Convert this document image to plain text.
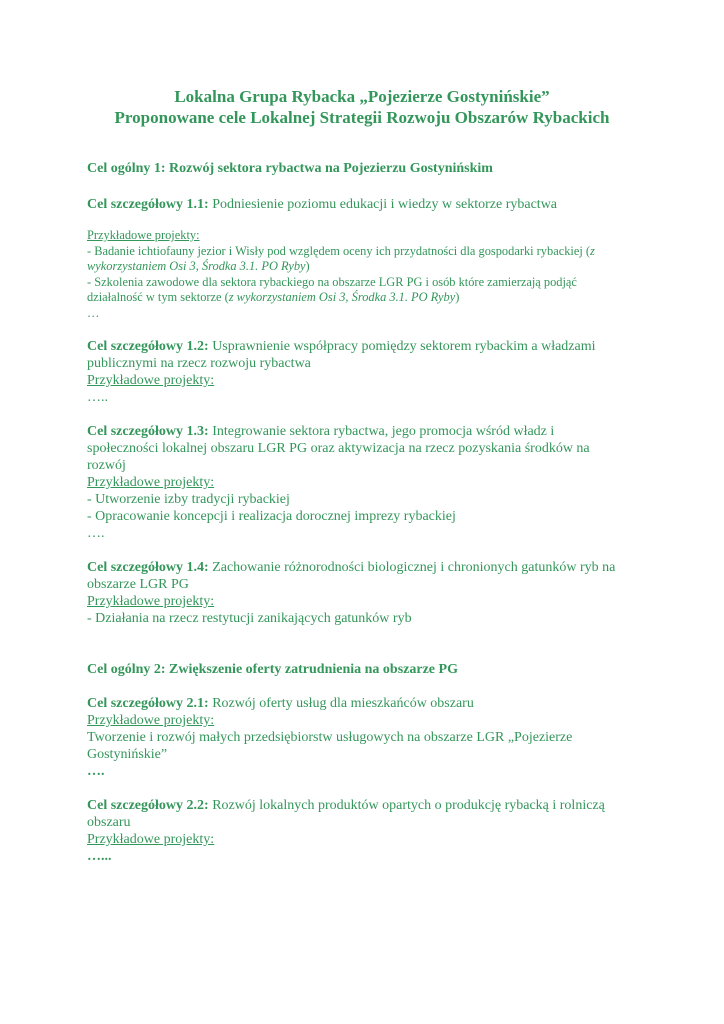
Lokalna Grupa Rybacka „Pojezierze Gostynińskie”
Proponowane cele Lokalnej Strategii Rozwoju Obszarów Rybackich
Cel ogólny 1: Rozwój sektora rybactwa na Pojezierzu Gostynińskim
Cel szczegółowy 1.1: Podniesienie poziomu edukacji i wiedzy w sektorze rybactwa
Przykładowe projekty:
- Badanie ichtiofauny jezior i Wisły pod względem oceny ich przydatności dla gospodarki rybackiej (z
wykorzystaniem Osi 3, Środka 3.1. PO Ryby)
- Szkolenia zawodowe dla sektora rybackiego na obszarze LGR PG i osób które zamierzają podjąć
działalność w tym sektorze (z wykorzystaniem Osi 3, Środka 3.1. PO Ryby)
…
Cel szczegółowy 1.2: Usprawnienie współpracy pomiędzy sektorem rybackim a władzami
publicznymi na rzecz rozwoju rybactwa
Przykładowe projekty:
…..
Cel szczegółowy 1.3: Integrowanie sektora rybactwa, jego promocja wśród władz i
społeczności lokalnej obszaru LGR PG oraz aktywizacja na rzecz pozyskania środków na
rozwój
Przykładowe projekty:
- Utworzenie izby tradycji rybackiej
- Opracowanie koncepcji i realizacja dorocznej imprezy rybackiej
….
Cel szczegółowy 1.4: Zachowanie różnorodności biologicznej i chronionych gatunków ryb na
obszarze LGR PG
Przykładowe projekty:
- Działania na rzecz restytucji zanikających gatunków ryb
Cel ogólny 2: Zwiększenie oferty zatrudnienia na obszarze PG
Cel szczegółowy 2.1: Rozwój oferty usług dla mieszkańców obszaru
Przykładowe projekty:
Tworzenie i rozwój małych przedsiębiorstw usługowych na obszarze LGR „Pojezierze
Gostynińskie”
….
Cel szczegółowy 2.2: Rozwój lokalnych produktów opartych o produkcję rybacką i rolniczą
obszaru
Przykładowe projekty:
…...
